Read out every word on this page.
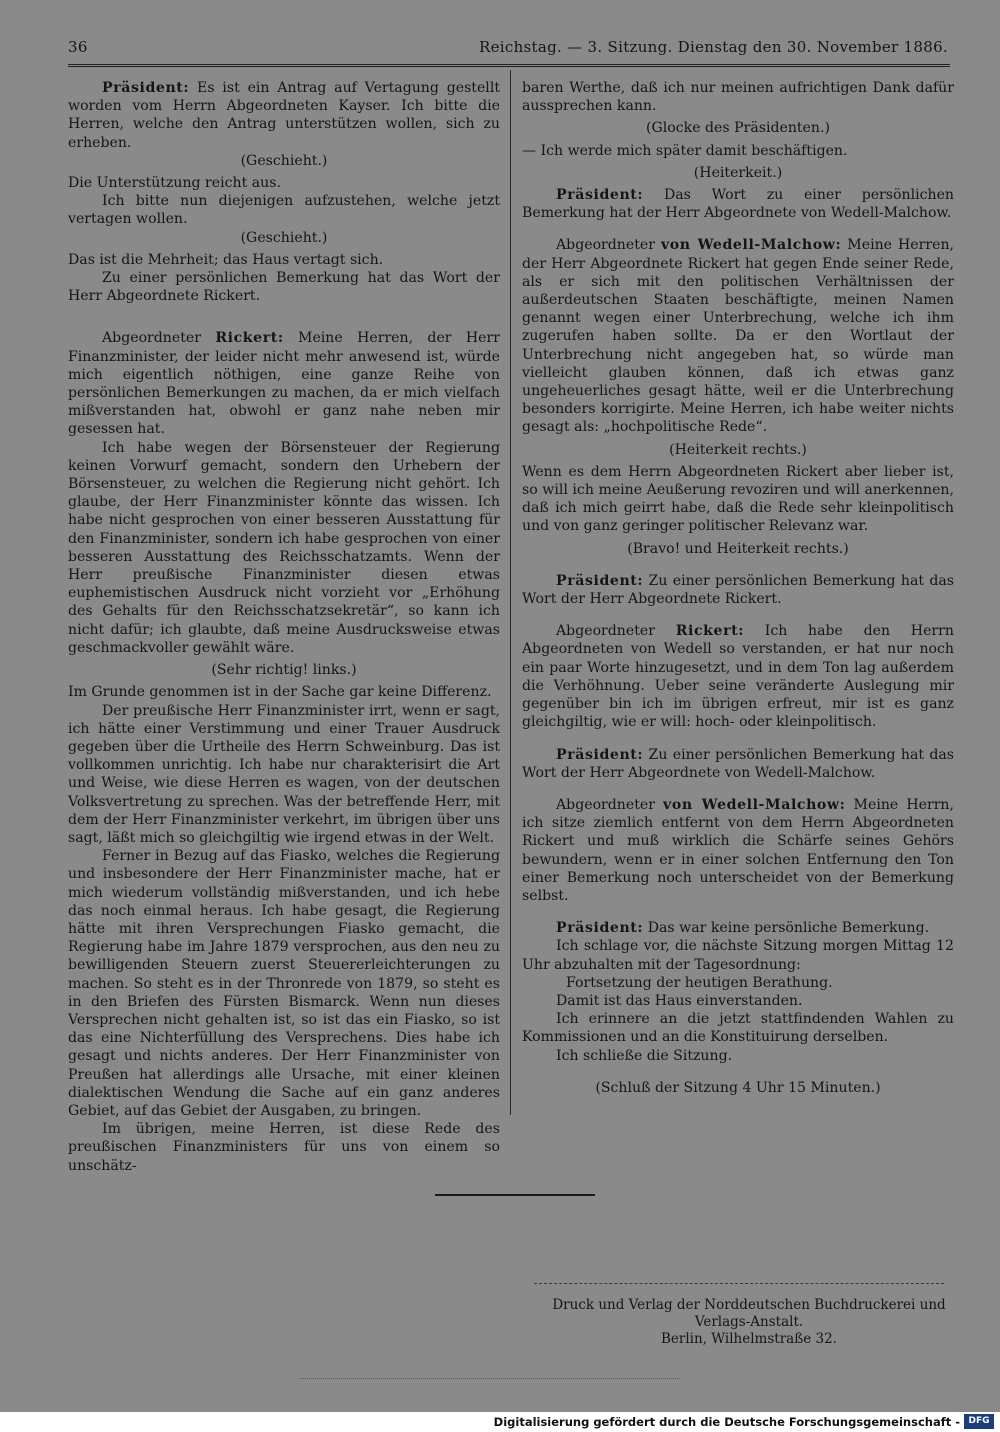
36	Reichstag. — 3. Sitzung. Dienstag den 30. November 1886.

Präsident: Es ist ein Antrag auf Vertagung gestellt worden vom Herrn Abgeordneten Kayser. Ich bitte die Herren, welche den Antrag unterstützen wollen, sich zu erheben.

(Geschieht.)

Die Unterstützung reicht aus.

Ich bitte nun diejenigen aufzustehen, welche jetzt vertagen wollen.

(Geschieht.)

Das ist die Mehrheit; das Haus vertagt sich.

Zu einer persönlichen Bemerkung hat das Wort der Herr Abgeordnete Rickert.

Abgeordneter Rickert: Meine Herren, der Herr Finanzminister, der leider nicht mehr anwesend ist, würde mich eigentlich nöthigen, eine ganze Reihe von persönlichen Bemerkungen zu machen, da er mich vielfach mißverstanden hat, obwohl er ganz nahe neben mir gesessen hat.

Ich habe wegen der Börsensteuer der Regierung keinen Vorwurf gemacht, sondern den Urhebern der Börsensteuer, zu welchen die Regierung nicht gehört. Ich glaube, der Herr Finanzminister könnte das wissen. Ich habe nicht gesprochen von einer besseren Ausstattung für den Finanzminister, sondern ich habe gesprochen von einer besseren Ausstattung des Reichsschatzamts. Wenn der Herr preußische Finanzminister diesen etwas euphemistischen Ausdruck nicht vorzieht vor „Erhöhung des Gehalts für den Reichsschatzsekretär“, so kann ich nicht dafür; ich glaubte, daß meine Ausdrucksweise etwas geschmackvoller gewählt wäre.

(Sehr richtig! links.)

Im Grunde genommen ist in der Sache gar keine Differenz.

Der preußische Herr Finanzminister irrt, wenn er sagt, ich hätte einer Verstimmung und einer Trauer Ausdruck gegeben über die Urtheile des Herrn Schweinburg. Das ist vollkommen unrichtig. Ich habe nur charakterisirt die Art und Weise, wie diese Herren es wagen, von der deutschen Volksvertretung zu sprechen. Was der betreffende Herr, mit dem der Herr Finanzminister verkehrt, im übrigen über uns sagt, läßt mich so gleichgiltig wie irgend etwas in der Welt.

Ferner in Bezug auf das Fiasko, welches die Regierung und insbesondere der Herr Finanzminister mache, hat er mich wiederum vollständig mißverstanden, und ich hebe das noch einmal heraus. Ich habe gesagt, die Regierung hätte mit ihren Versprechungen Fiasko gemacht, die Regierung habe im Jahre 1879 versprochen, aus den neu zu bewilligenden Steuern zuerst Steuererleichterungen zu machen. So steht es in der Thronrede von 1879, so steht es in den Briefen des Fürsten Bismarck. Wenn nun dieses Versprechen nicht gehalten ist, so ist das ein Fiasko, so ist das eine Nichterfüllung des Versprechens. Dies habe ich gesagt und nichts anderes. Der Herr Finanzminister von Preußen hat allerdings alle Ursache, mit einer kleinen dialektischen Wendung die Sache auf ein ganz anderes Gebiet, auf das Gebiet der Ausgaben, zu bringen.

Im übrigen, meine Herren, ist diese Rede des preußischen Finanzministers für uns von einem so unschätz-

baren Werthe, daß ich nur meinen aufrichtigen Dank dafür aussprechen kann.

(Glocke des Präsidenten.)

— Ich werde mich später damit beschäftigen.

(Heiterkeit.)

Präsident: Das Wort zu einer persönlichen Bemerkung hat der Herr Abgeordnete von Wedell-Malchow.

Abgeordneter von Wedell-Malchow: Meine Herren, der Herr Abgeordnete Rickert hat gegen Ende seiner Rede, als er sich mit den politischen Verhältnissen der außerdeutschen Staaten beschäftigte, meinen Namen genannt wegen einer Unterbrechung, welche ich ihm zugerufen haben sollte. Da er den Wortlaut der Unterbrechung nicht angegeben hat, so würde man vielleicht glauben können, daß ich etwas ganz ungeheuerliches gesagt hätte, weil er die Unterbrechung besonders korrigirte. Meine Herren, ich habe weiter nichts gesagt als: „hochpolitische Rede“.

(Heiterkeit rechts.)

Wenn es dem Herrn Abgeordneten Rickert aber lieber ist, so will ich meine Aeußerung revoziren und will anerkennen, daß ich mich geirrt habe, daß die Rede sehr kleinpolitisch und von ganz geringer politischer Relevanz war.

(Bravo! und Heiterkeit rechts.)

Präsident: Zu einer persönlichen Bemerkung hat das Wort der Herr Abgeordnete Rickert.

Abgeordneter Rickert: Ich habe den Herrn Abgeordneten von Wedell so verstanden, er hat nur noch ein paar Worte hinzugesetzt, und in dem Ton lag außerdem die Verhöhnung. Ueber seine veränderte Auslegung mir gegenüber bin ich im übrigen erfreut, mir ist es ganz gleichgiltig, wie er will: hoch- oder kleinpolitisch.

Präsident: Zu einer persönlichen Bemerkung hat das Wort der Herr Abgeordnete von Wedell-Malchow.

Abgeordneter von Wedell-Malchow: Meine Herrn, ich sitze ziemlich entfernt von dem Herrn Abgeordneten Rickert und muß wirklich die Schärfe seines Gehörs bewundern, wenn er in einer solchen Entfernung den Ton einer Bemerkung noch unterscheidet von der Bemerkung selbst.

Präsident: Das war keine persönliche Bemerkung.

Ich schlage vor, die nächste Sitzung morgen Mittag 12 Uhr abzuhalten mit der Tagesordnung:

Fortsetzung der heutigen Berathung.

Damit ist das Haus einverstanden.

Ich erinnere an die jetzt stattfindenden Wahlen zu Kommissionen und an die Konstituirung derselben.

Ich schließe die Sitzung.

(Schluß der Sitzung 4 Uhr 15 Minuten.)

Druck und Verlag der Norddeutschen Buchdruckerei und Verlags-Anstalt.
Berlin, Wilhelmstraße 32.
Digitalisierung gefördert durch die Deutsche Forschungsgemeinschaft - DFG
